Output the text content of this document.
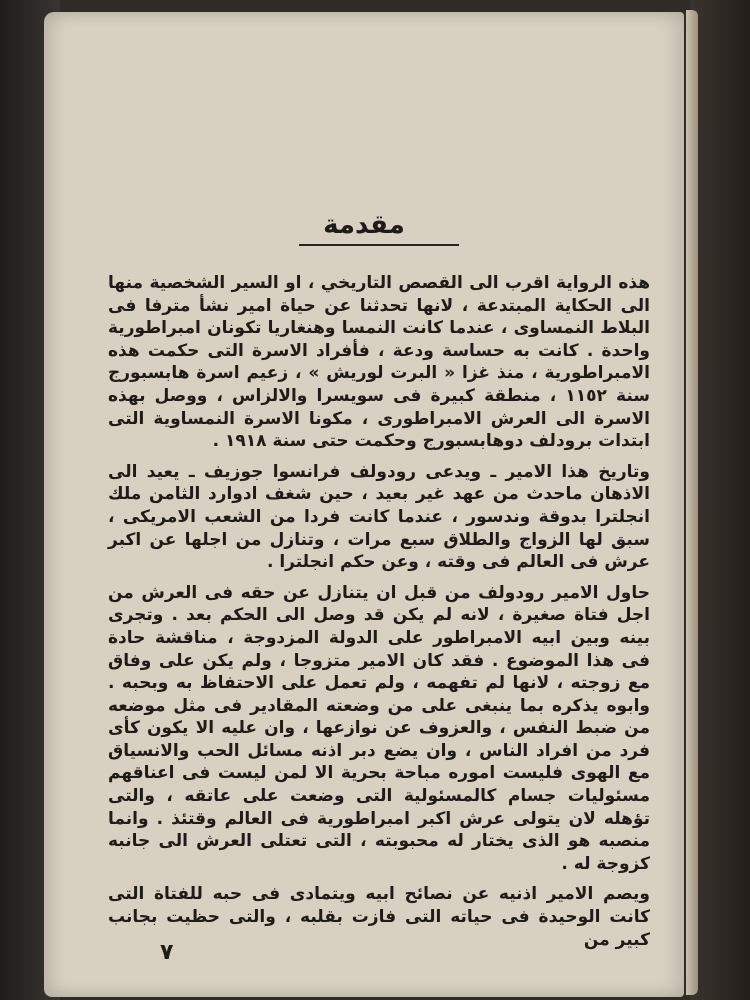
مقدمة

هذه الرواية اقرب الى القصص التاريخي ، او السير الشخصية منها الى الحكاية المبتدعة ، لانها تحدثنا عن حياة امير نشأ مترفا فى البلاط النمساوى ، عندما كانت النمسا وهنغاريا تكونان امبراطورية واحدة . كانت به حساسة ودعة ، فأفراد الاسرة التى حكمت هذه الامبراطورية ، منذ غزا « البرت لوريش » ، زعيم اسرة هابسبورج سنة ١١٥٢ ، منطقة كبيرة فى سويسرا والالزاس ، ووصل بهذه الاسرة الى العرش الامبراطورى ، مكونا الاسرة النمساوية التى ابتدات برودلف دوهابسبورج وحكمت حتى سنة ١٩١٨ .

وتاريخ هذا الامير ـ ويدعى رودولف فرانسوا جوزيف ـ يعيد الى الاذهان ماحدث من عهد غير بعيد ، حين شغف ادوارد الثامن ملك انجلترا بدوقة وندسور ، عندما كانت فردا من الشعب الامريكى ، سبق لها الزواج والطلاق سبع مرات ، وتنازل من اجلها عن اكبر عرش فى العالم فى وقته ، وعن حكم انجلترا .

حاول الامير رودولف من قبل ان يتنازل عن حقه فى العرش من اجل فتاة صغيرة ، لانه لم يكن قد وصل الى الحكم بعد . وتجرى بينه وبين ابيه الامبراطور على الدولة المزدوجة ، مناقشة حادة فى هذا الموضوع . فقد كان الامير متزوجا ، ولم يكن على وفاق مع زوجته ، لانها لم تفهمه ، ولم تعمل على الاحتفاظ به وبحبه . وابوه يذكره بما ينبغى على من وضعته المقادير فى مثل موضعه من ضبط النفس ، والعزوف عن نوازعها ، وان عليه الا يكون كأى فرد من افراد الناس ، وان يضع دبر اذنه مسائل الحب والانسياق مع الهوى فليست اموره مباحة بحرية الا لمن ليست فى اعناقهم مسئوليات جسام كالمسئولية التى وضعت على عاتقه ، والتى تؤهله لان يتولى عرش اكبر امبراطورية فى العالم وقتئذ . وانما منصبه هو الذى يختار له محبوبته ، التى تعتلى العرش الى جانبه كزوجة له .

ويصم الامير اذنيه عن نصائح ابيه ويتمادى فى حبه للفتاة التى كانت الوحيدة فى حياته التى فازت بقلبه ، والتى حظيت بجانب كبير من

٧
